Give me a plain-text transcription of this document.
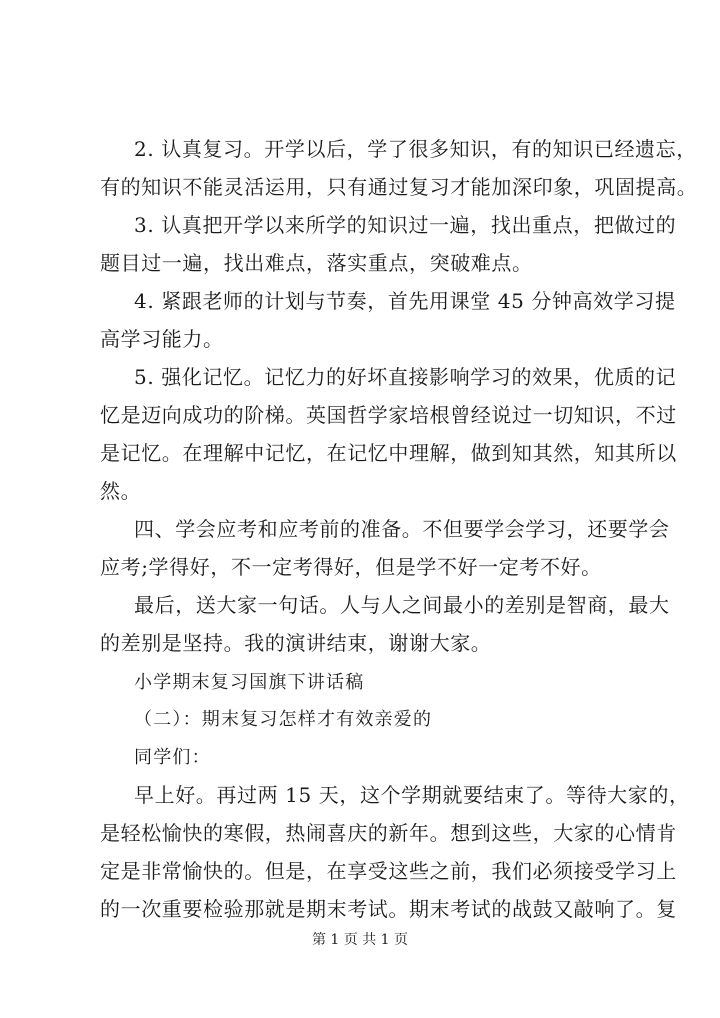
2. 认真复习。开学以后，学了很多知识，有的知识已经遗忘，
有的知识不能灵活运用，只有通过复习才能加深印象，巩固提高。
3. 认真把开学以来所学的知识过一遍，找出重点，把做过的
题目过一遍，找出难点，落实重点，突破难点。
4. 紧跟老师的计划与节奏，首先用课堂 45 分钟高效学习提
高学习能力。
5. 强化记忆。记忆力的好坏直接影响学习的效果，优质的记
忆是迈向成功的阶梯。英国哲学家培根曾经说过一切知识，不过
是记忆。在理解中记忆，在记忆中理解，做到知其然，知其所以
然。
四、学会应考和应考前的准备。不但要学会学习，还要学会
应考;学得好，不一定考得好，但是学不好一定考不好。
最后，送大家一句话。人与人之间最小的差别是智商，最大
的差别是坚持。我的演讲结束，谢谢大家。
小学期末复习国旗下讲话稿
（二）：期末复习怎样才有效亲爱的
同学们：
早上好。再过两 15 天，这个学期就要结束了。等待大家的，
是轻松愉快的寒假，热闹喜庆的新年。想到这些，大家的心情肯
定是非常愉快的。但是，在享受这些之前，我们必须接受学习上
的一次重要检验那就是期末考试。期末考试的战鼓又敲响了。复
第 1 页 共 1 页
